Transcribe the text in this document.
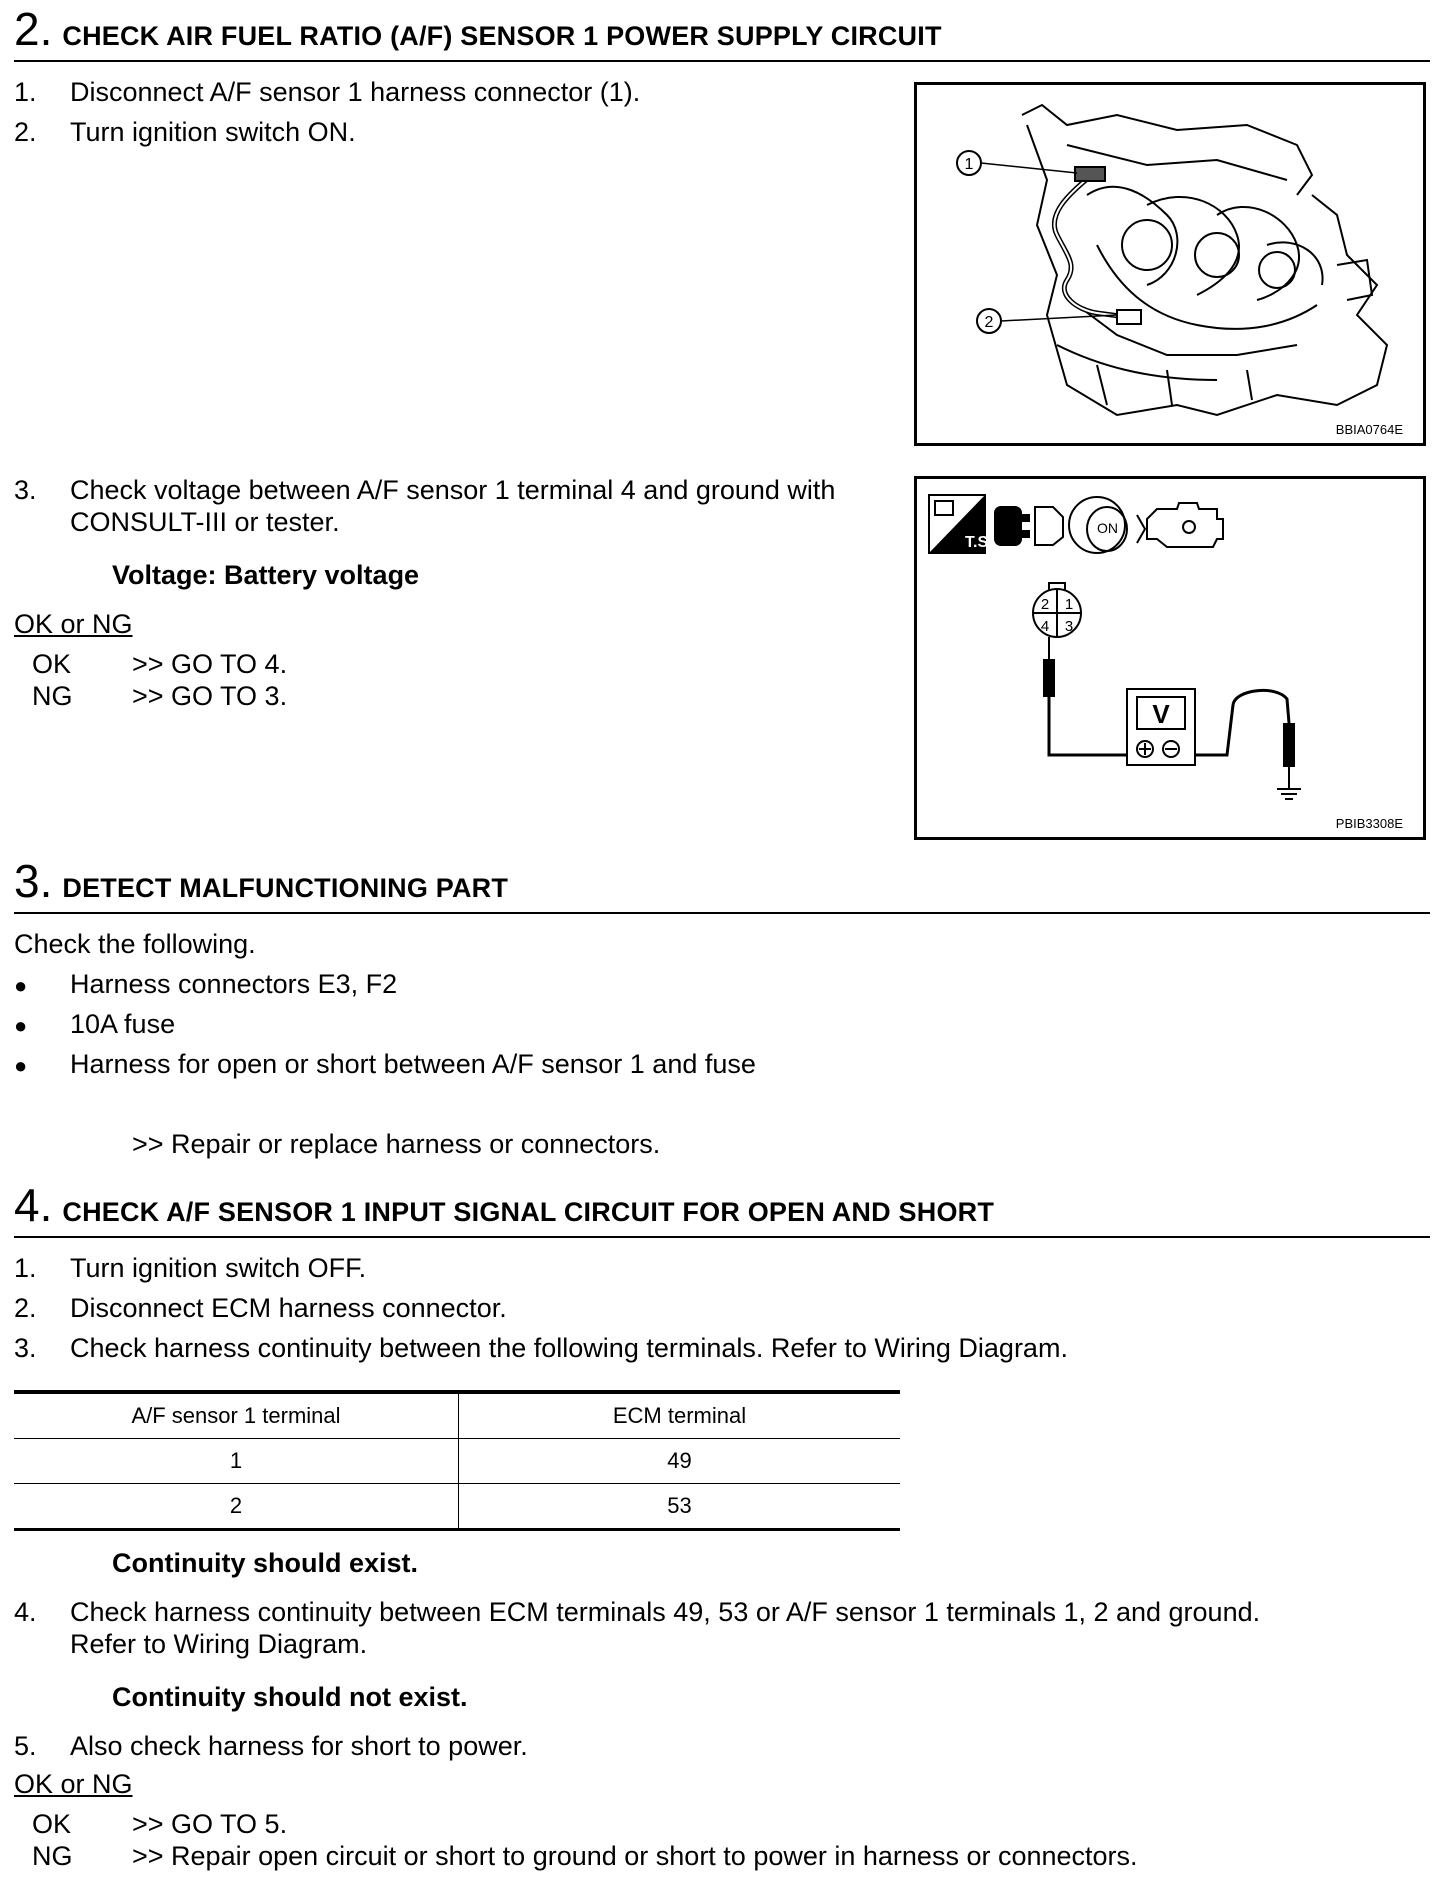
2. CHECK AIR FUEL RATIO (A/F) SENSOR 1 POWER SUPPLY CIRCUIT
1. Disconnect A/F sensor 1 harness connector (1).
2. Turn ignition switch ON.
1
2
BBIA0764E
3. Check voltage between A/F sensor 1 terminal 4 and ground with
CONSULT-III or tester.
Voltage: Battery voltage
OK or NG
OK >> GO TO 4.
NG >> GO TO 3.
T.S.
ON
2 1
4 3
V
PBIB3308E
3. DETECT MALFUNCTIONING PART
Check the following.
● Harness connectors E3, F2
● 10A fuse
● Harness for open or short between A/F sensor 1 and fuse
>> Repair or replace harness or connectors.
4. CHECK A/F SENSOR 1 INPUT SIGNAL CIRCUIT FOR OPEN AND SHORT
1. Turn ignition switch OFF.
2. Disconnect ECM harness connector.
3. Check harness continuity between the following terminals. Refer to Wiring Diagram.
A/F sensor 1 terminal	ECM terminal
1	49
2	53
Continuity should exist.
4. Check harness continuity between ECM terminals 49, 53 or A/F sensor 1 terminals 1, 2 and ground.
Refer to Wiring Diagram.
Continuity should not exist.
5. Also check harness for short to power.
OK or NG
OK >> GO TO 5.
NG >> Repair open circuit or short to ground or short to power in harness or connectors.
